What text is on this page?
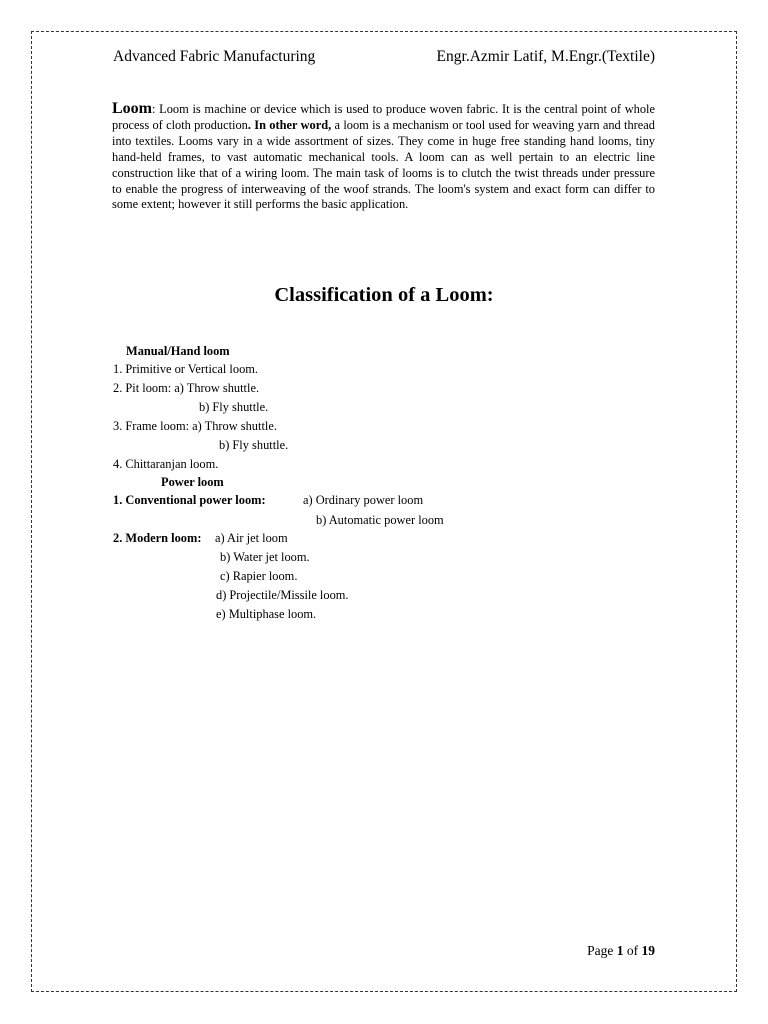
Advanced Fabric Manufacturing	Engr.Azmir Latif, M.Engr.(Textile)
Loom: Loom is machine or device which is used to produce woven fabric. It is the central point of whole process of cloth production. In other word, a loom is a mechanism or tool used for weaving yarn and thread into textiles. Looms vary in a wide assortment of sizes. They come in huge free standing hand looms, tiny hand-held frames, to vast automatic mechanical tools. A loom can as well pertain to an electric line construction like that of a wiring loom. The main task of looms is to clutch the twist threads under pressure to enable the progress of interweaving of the woof strands. The loom's system and exact form can differ to some extent; however it still performs the basic application.
Classification of a Loom:
Manual/Hand loom
1. Primitive or Vertical loom.
2. Pit loom: a) Throw shuttle.
b) Fly shuttle.
3. Frame loom: a) Throw shuttle.
b) Fly shuttle.
4. Chittaranjan loom.
Power loom
1. Conventional power loom:	a) Ordinary power loom
b) Automatic power loom
2. Modern loom: a) Air jet loom
b) Water jet loom.
c) Rapier loom.
d) Projectile/Missile loom.
e) Multiphase loom.
Page 1 of 19
